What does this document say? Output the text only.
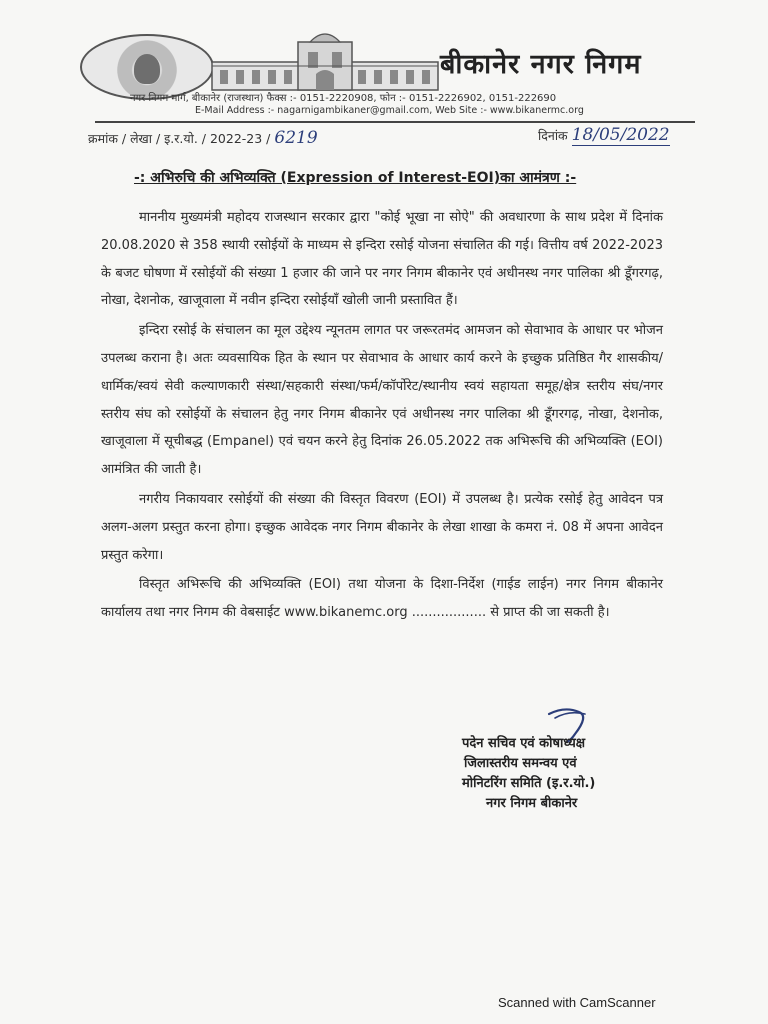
बीकानेर नगर निगम
नगर निगम मार्ग, बीकानेर (राजस्थान) फैक्स :- 0151-2220908, फोन :- 0151-2226902, 0151-222690
E-Mail Address :- nagarnigambikaner@gmail.com, Web Site :- www.bikanermc.org
क्रमांक / लेखा / इ.र.यो. / 2022-23 / 6219	दिनांक 18/05/2022
-: अभिरुचि की अभिव्यक्ति (Expression of Interest-EOI)का आमंत्रण :-

माननीय मुख्यमंत्री महोदय राजस्थान सरकार द्वारा "कोई भूखा ना सोऐ" की अवधारणा के साथ प्रदेश में दिनांक 20.08.2020 से 358 स्थायी रसोईयों के माध्यम से इन्दिरा रसोई योजना संचालित की गई। वित्तीय वर्ष 2022-2023 के बजट घोषणा में रसोईयों की संख्या 1 हजार की जाने पर नगर निगम बीकानेर एवं अधीनस्थ नगर पालिका श्री डूँगरगढ़, नोखा, देशनोक, खाजूवाला में नवीन इन्दिरा रसोईयाँ खोली जानी प्रस्तावित हैं।

इन्दिरा रसोई के संचालन का मूल उद्देश्य न्यूनतम लागत पर जरूरतमंद आमजन को सेवाभाव के आधार पर भोजन उपलब्ध कराना है। अतः व्यवसायिक हित के स्थान पर सेवाभाव के आधार कार्य करने के इच्छुक प्रतिष्ठित गैर शासकीय/धार्मिक/स्वयं सेवी कल्याणकारी संस्था/सहकारी संस्था/फर्म/कॉर्पोरेट/स्थानीय स्वयं सहायता समूह/क्षेत्र स्तरीय संघ/नगर स्तरीय संघ को रसोईयों के संचालन हेतु नगर निगम बीकानेर एवं अधीनस्थ नगर पालिका श्री डूँगरगढ़, नोखा, देशनोक, खाजूवाला में सूचीबद्ध (Empanel) एवं चयन करने हेतु दिनांक 26.05.2022 तक अभिरूचि की अभिव्यक्ति (EOI) आमंत्रित की जाती है।

नगरीय निकायवार रसोईयों की संख्या की विस्तृत विवरण (EOI) में उपलब्ध है। प्रत्येक रसोई हेतु आवेदन पत्र अलग-अलग प्रस्तुत करना होगा। इच्छुक आवेदक नगर निगम बीकानेर के लेखा शाखा के कमरा नं. 08 में अपना आवेदन प्रस्तुत करेगा।

विस्तृत अभिरूचि की अभिव्यक्ति (EOI) तथा योजना के दिशा-निर्देश (गाईड लाईन) नगर निगम बीकानेर कार्यालय तथा नगर निगम की वेबसाईट www.bikanemc.org .................. से प्राप्त की जा सकती है।

पदेन सचिव एवं कोषाध्यक्ष
जिलास्तरीय समन्वय एवं
मोनिटरिंग समिति (इ.र.यो.)
नगर निगम बीकानेर
Scanned with CamScanner
